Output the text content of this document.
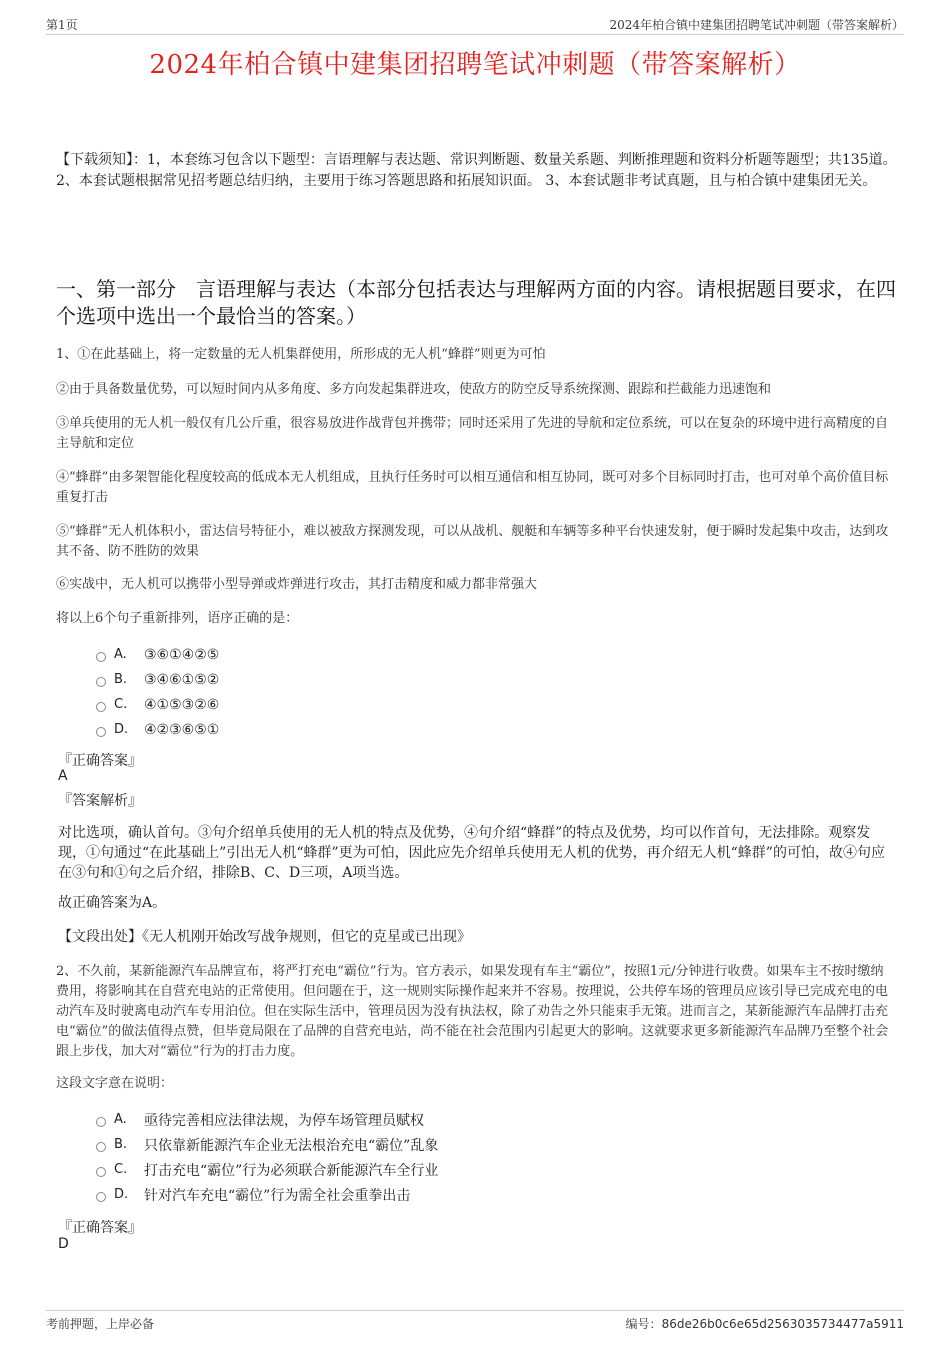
第1页	2024年柏合镇中建集团招聘笔试冲刺题（带答案解析）
2024年柏合镇中建集团招聘笔试冲刺题（带答案解析）
【下载须知】：1，本套练习包含以下题型：言语理解与表达题、常识判断题、数量关系题、判断推理题和资料分析题等题型；共135道。 2、本套试题根据常见招考题总结归纳，主要用于练习答题思路和拓展知识面。 3、本套试题非考试真题，且与柏合镇中建集团无关。
一、第一部分　言语理解与表达（本部分包括表达与理解两方面的内容。请根据题目要求，在四个选项中选出一个最恰当的答案。）
1、①在此基础上，将一定数量的无人机集群使用，所形成的无人机“蜂群”则更为可怕
②由于具备数量优势，可以短时间内从多角度、多方向发起集群进攻，使敌方的防空反导系统探测、跟踪和拦截能力迅速饱和
③单兵使用的无人机一般仅有几公斤重，很容易放进作战背包并携带；同时还采用了先进的导航和定位系统，可以在复杂的环境中进行高精度的自主导航和定位
④“蜂群”由多架智能化程度较高的低成本无人机组成，且执行任务时可以相互通信和相互协同，既可对多个目标同时打击，也可对单个高价值目标重复打击
⑤“蜂群”无人机体积小，雷达信号特征小，难以被敌方探测发现，可以从战机、舰艇和车辆等多种平台快速发射，便于瞬时发起集中攻击，达到攻其不备、防不胜防的效果
⑥实战中，无人机可以携带小型导弹或炸弹进行攻击，其打击精度和威力都非常强大
将以上6个句子重新排列，语序正确的是：
A.	③⑥①④②⑤
B.	③④⑥①⑤②
C.	④①⑤③②⑥
D.	④②③⑥⑤①
『正确答案』
A
『答案解析』
对比选项，确认首句。③句介绍单兵使用的无人机的特点及优势，④句介绍“蜂群”的特点及优势，均可以作首句，无法排除。观察发现，①句通过“在此基础上”引出无人机“蜂群”更为可怕，因此应先介绍单兵使用无人机的优势，再介绍无人机“蜂群”的可怕，故④句应在③句和①句之后介绍，排除B、C、D三项，A项当选。
故正确答案为A。
【文段出处】《无人机刚开始改写战争规则，但它的克星或已出现》
2、不久前，某新能源汽车品牌宣布，将严打充电“霸位”行为。官方表示，如果发现有车主“霸位”，按照1元/分钟进行收费。如果车主不按时缴纳费用，将影响其在自营充电站的正常使用。但问题在于，这一规则实际操作起来并不容易。按理说，公共停车场的管理员应该引导已完成充电的电动汽车及时驶离电动汽车专用泊位。但在实际生活中，管理员因为没有执法权，除了劝告之外只能束手无策。进而言之，某新能源汽车品牌打击充电“霸位”的做法值得点赞，但毕竟局限在了品牌的自营充电站，尚不能在社会范围内引起更大的影响。这就要求更多新能源汽车品牌乃至整个社会跟上步伐，加大对“霸位”行为的打击力度。
这段文字意在说明：
A.	亟待完善相应法律法规，为停车场管理员赋权
B.	只依靠新能源汽车企业无法根治充电“霸位”乱象
C.	打击充电“霸位”行为必须联合新能源汽车全行业
D.	针对汽车充电“霸位”行为需全社会重拳出击
『正确答案』
D
考前押题，上岸必备	编号：86de26b0c6e65d2563035734477a5911
